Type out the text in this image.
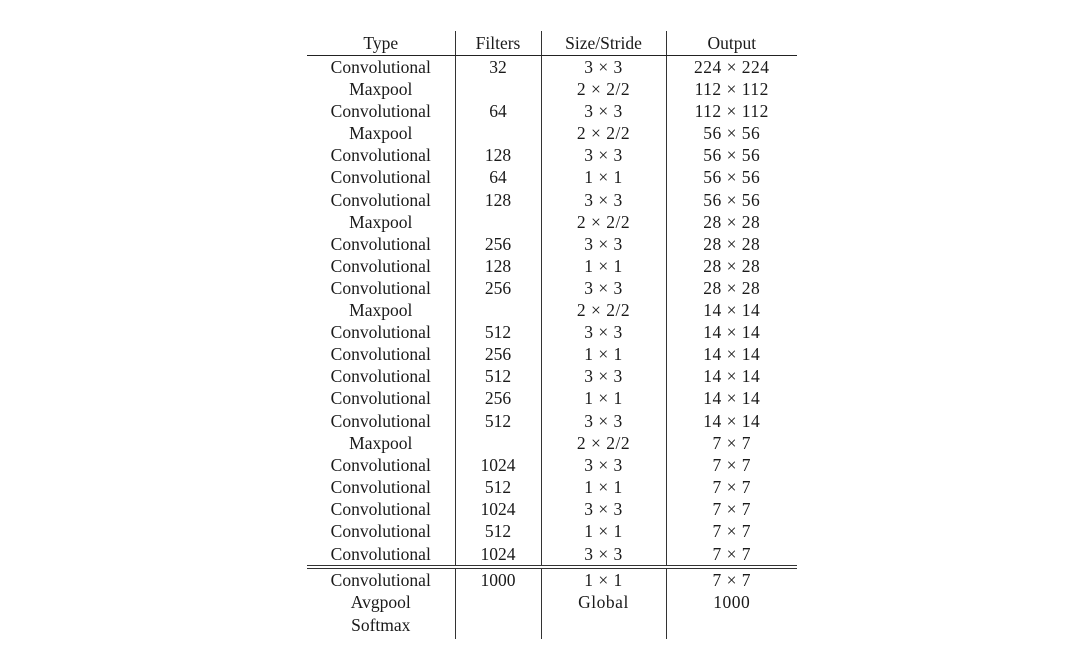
Type	Filters	Size/Stride	Output
Convolutional	32	3 × 3	224 × 224
Maxpool		2 × 2/2	112 × 112
Convolutional	64	3 × 3	112 × 112
Maxpool		2 × 2/2	56 × 56
Convolutional	128	3 × 3	56 × 56
Convolutional	64	1 × 1	56 × 56
Convolutional	128	3 × 3	56 × 56
Maxpool		2 × 2/2	28 × 28
Convolutional	256	3 × 3	28 × 28
Convolutional	128	1 × 1	28 × 28
Convolutional	256	3 × 3	28 × 28
Maxpool		2 × 2/2	14 × 14
Convolutional	512	3 × 3	14 × 14
Convolutional	256	1 × 1	14 × 14
Convolutional	512	3 × 3	14 × 14
Convolutional	256	1 × 1	14 × 14
Convolutional	512	3 × 3	14 × 14
Maxpool		2 × 2/2	7 × 7
Convolutional	1024	3 × 3	7 × 7
Convolutional	512	1 × 1	7 × 7
Convolutional	1024	3 × 3	7 × 7
Convolutional	512	1 × 1	7 × 7
Convolutional	1024	3 × 3	7 × 7
Convolutional	1000	1 × 1	7 × 7
Avgpool		Global	1000
Softmax			
